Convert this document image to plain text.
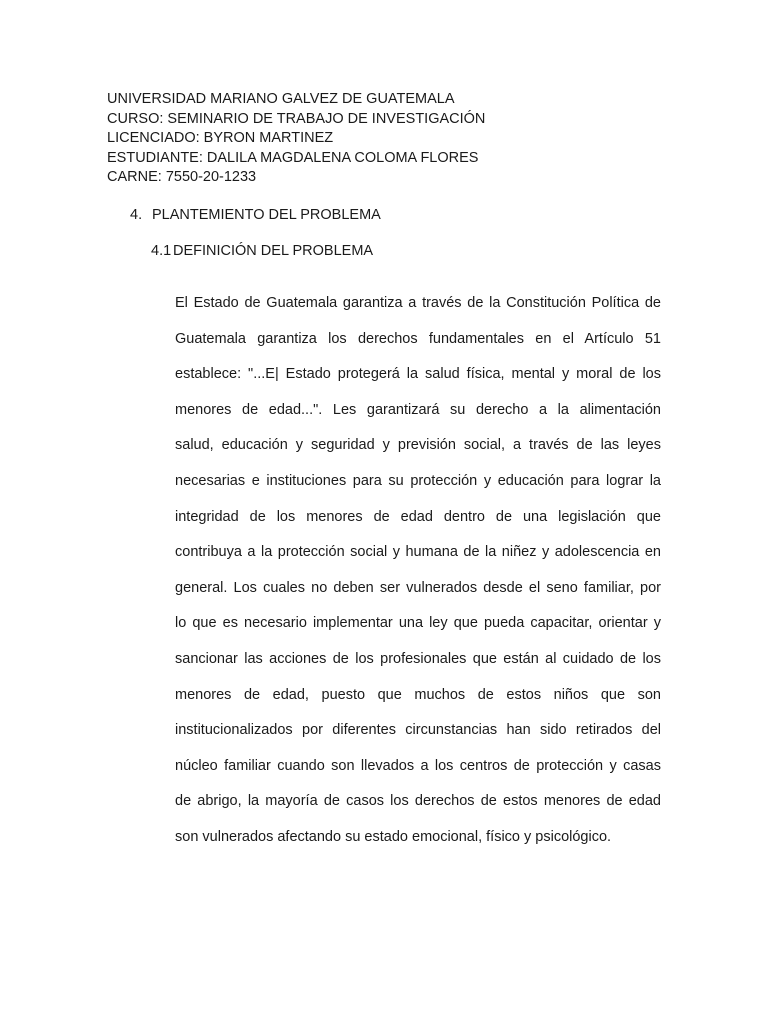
UNIVERSIDAD MARIANO GALVEZ DE GUATEMALA
CURSO: SEMINARIO DE TRABAJO DE INVESTIGACIÓN
LICENCIADO: BYRON MARTINEZ
ESTUDIANTE: DALILA MAGDALENA COLOMA FLORES
CARNE: 7550-20-1233
4. PLANTEMIENTO DEL PROBLEMA
4.1 DEFINICIÓN DEL PROBLEMA
El Estado de Guatemala garantiza a través de la Constitución Política de
Guatemala garantiza los derechos fundamentales en el Artículo 51
establece: "...E| Estado protegerá la salud física, mental y moral de los
menores de edad...". Les garantizará su derecho a la alimentación
salud, educación y seguridad y previsión social, a través de las leyes
necesarias e instituciones para su protección y educación para lograr la
integridad de los menores de edad dentro de una legislación que
contribuya a la protección social y humana de la niñez y adolescencia en
general. Los cuales no deben ser vulnerados desde el seno familiar, por
lo que es necesario implementar una ley que pueda capacitar, orientar y
sancionar las acciones de los profesionales que están al cuidado de los
menores de edad, puesto que muchos de estos niños que son
institucionalizados por diferentes circunstancias han sido retirados del
núcleo familiar cuando son llevados a los centros de protección y casas
de abrigo, la mayoría de casos los derechos de estos menores de edad
son vulnerados afectando su estado emocional, físico y psicológico.
